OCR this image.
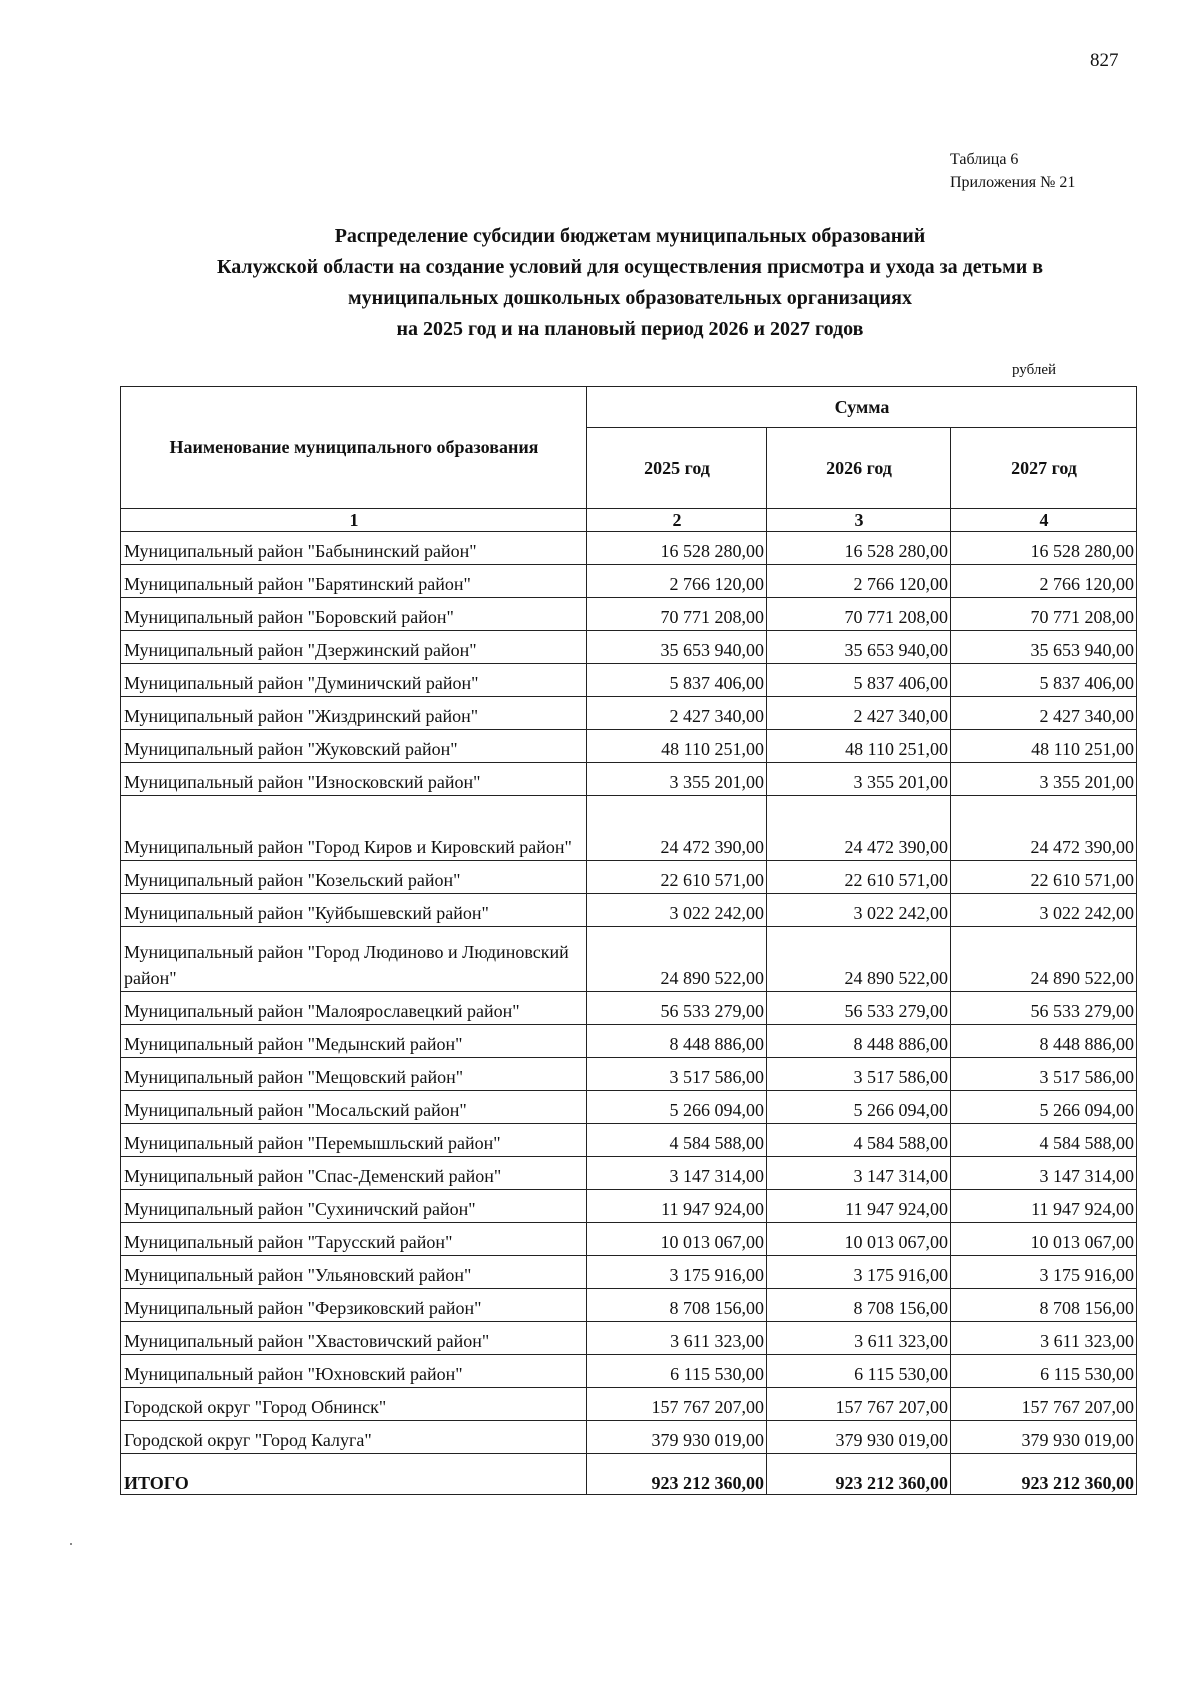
827
Таблица 6
Приложения № 21
Распределение субсидии бюджетам муниципальных образований
Калужской области на создание условий для осуществления присмотра и ухода за детьми в
муниципальных дошкольных образовательных организациях
на 2025 год и на плановый период 2026 и 2027 годов
рублей
Наименование муниципального образования	Сумма		
	2025 год	2026 год	2027 год
1	2	3	4
Муниципальный район "Бабынинский район"	16 528 280,00	16 528 280,00	16 528 280,00
Муниципальный район "Барятинский район"	2 766 120,00	2 766 120,00	2 766 120,00
Муниципальный район "Боровский район"	70 771 208,00	70 771 208,00	70 771 208,00
Муниципальный район "Дзержинский район"	35 653 940,00	35 653 940,00	35 653 940,00
Муниципальный район "Думиничский район"	5 837 406,00	5 837 406,00	5 837 406,00
Муниципальный район "Жиздринский район"	2 427 340,00	2 427 340,00	2 427 340,00
Муниципальный район "Жуковский район"	48 110 251,00	48 110 251,00	48 110 251,00
Муниципальный район "Износковский район"	3 355 201,00	3 355 201,00	3 355 201,00
Муниципальный район "Город Киров и Кировский район"	24 472 390,00	24 472 390,00	24 472 390,00
Муниципальный район "Козельский район"	22 610 571,00	22 610 571,00	22 610 571,00
Муниципальный район "Куйбышевский район"	3 022 242,00	3 022 242,00	3 022 242,00
Муниципальный район "Город Людиново и Людиновский район"	24 890 522,00	24 890 522,00	24 890 522,00
Муниципальный район "Малоярославецкий район"	56 533 279,00	56 533 279,00	56 533 279,00
Муниципальный район "Медынский район"	8 448 886,00	8 448 886,00	8 448 886,00
Муниципальный район "Мещовский район"	3 517 586,00	3 517 586,00	3 517 586,00
Муниципальный район "Мосальский район"	5 266 094,00	5 266 094,00	5 266 094,00
Муниципальный район "Перемышльский район"	4 584 588,00	4 584 588,00	4 584 588,00
Муниципальный район "Спас-Деменский район"	3 147 314,00	3 147 314,00	3 147 314,00
Муниципальный район "Сухиничский район"	11 947 924,00	11 947 924,00	11 947 924,00
Муниципальный район "Тарусский район"	10 013 067,00	10 013 067,00	10 013 067,00
Муниципальный район "Ульяновский район"	3 175 916,00	3 175 916,00	3 175 916,00
Муниципальный район "Ферзиковский район"	8 708 156,00	8 708 156,00	8 708 156,00
Муниципальный район "Хвастовичский район"	3 611 323,00	3 611 323,00	3 611 323,00
Муниципальный район "Юхновский район"	6 115 530,00	6 115 530,00	6 115 530,00
Городской округ "Город Обнинск"	157 767 207,00	157 767 207,00	157 767 207,00
Городской округ "Город Калуга"	379 930 019,00	379 930 019,00	379 930 019,00
ИТОГО	923 212 360,00	923 212 360,00	923 212 360,00
